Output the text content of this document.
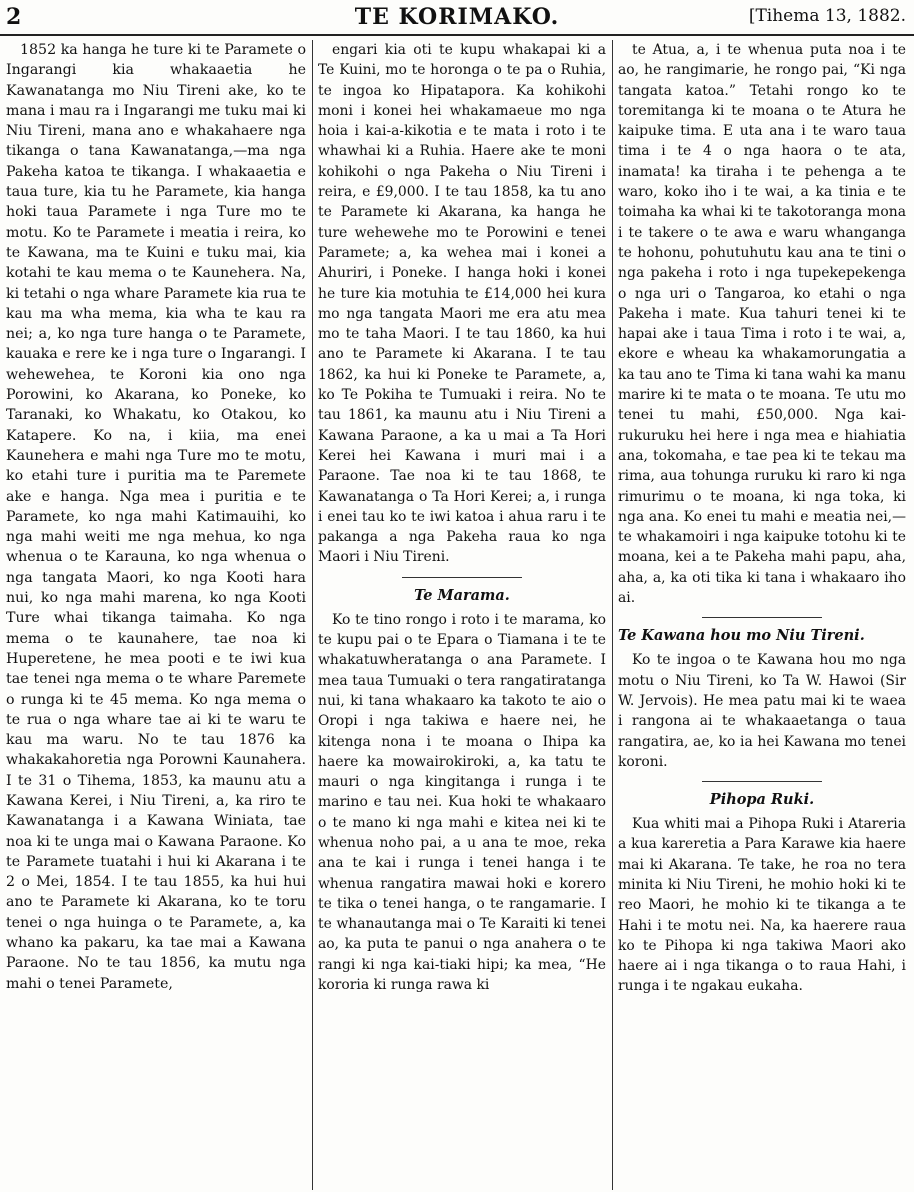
2	TE KORIMAKO.	[Tihema 13, 1882.

1852 ka hanga he ture ki te Paramete o Ingarangi kia whakaaetia he Kawanatanga mo Niu Tireni ake, ko te mana i mau ra i Ingarangi me tuku mai ki Niu Tireni, mana ano e whakahaere nga tikanga o tana Kawanatanga,—ma nga Pakeha katoa te tikanga. I whakaaetia e taua ture, kia tu he Paramete, kia hanga hoki taua Paramete i nga Ture mo te motu. Ko te Paramete i meatia i reira, ko te Kawana, ma te Kuini e tuku mai, kia kotahi te kau mema o te Kaunehera. Na, ki tetahi o nga whare Paramete kia rua te kau ma wha mema, kia wha te kau ra nei; a, ko nga ture hanga o te Paramete, kauaka e rere ke i nga ture o Ingarangi. I wehewehea, te Koroni kia ono nga Porowini, ko Akarana, ko Poneke, ko Taranaki, ko Whakatu, ko Otakou, ko Katapere. Ko na, i kiia, ma enei Kaunehera e mahi nga Ture mo te motu, ko etahi ture i puritia ma te Paremete ake e hanga. Nga mea i puritia e te Paramete, ko nga mahi Katimauihi, ko nga mahi weiti me nga mehua, ko nga whenua o te Karauna, ko nga whenua o nga tangata Maori, ko nga Kooti hara nui, ko nga mahi marena, ko nga Kooti Ture whai tikanga taimaha. Ko nga mema o te kaunahere, tae noa ki Huperetene, he mea pooti e te iwi kua tae tenei nga mema o te whare Paremete o runga ki te 45 mema. Ko nga mema o te rua o nga whare tae ai ki te waru te kau ma waru. No te tau 1876 ka whakakahoretia nga Porowni Kaunahera. I te 31 o Tihema, 1853, ka maunu atu a Kawana Kerei, i Niu Tireni, a, ka riro te Kawanatanga i a Kawana Winiata, tae noa ki te unga mai o Kawana Paraone. Ko te Paramete tuatahi i hui ki Akarana i te 2 o Mei, 1854. I te tau 1855, ka hui hui ano te Paramete ki Akarana, ko te toru tenei o nga huinga o te Paramete, a, ka whano ka pakaru, ka tae mai a Kawana Paraone. No te tau 1856, ka mutu nga mahi o tenei Paramete,

engari kia oti te kupu whakapai ki a Te Kuini, mo te horonga o te pa o Ruhia, te ingoa ko Hipatapora. Ka kohikohi moni i konei hei whakamaeue mo nga hoia i kai-a-kikotia e te mata i roto i te whawhai ki a Ruhia. Haere ake te moni kohikohi o nga Pakeha o Niu Tireni i reira, e £9,000. I te tau 1858, ka tu ano te Paramete ki Akarana, ka hanga he ture wehewehe mo te Porowini e tenei Paramete; a, ka wehea mai i konei a Ahuriri, i Poneke. I hanga hoki i konei he ture kia motuhia te £14,000 hei kura mo nga tangata Maori me era atu mea mo te taha Maori. I te tau 1860, ka hui ano te Paramete ki Akarana. I te tau 1862, ka hui ki Poneke te Paramete, a, ko Te Pokiha te Tumuaki i reira. No te tau 1861, ka maunu atu i Niu Tireni a Kawana Paraone, a ka u mai a Ta Hori Kerei hei Kawana i muri mai i a Paraone. Tae noa ki te tau 1868, te Kawanatanga o Ta Hori Kerei; a, i runga i enei tau ko te iwi katoa i ahua raru i te pakanga a nga Pakeha raua ko nga Maori i Niu Tireni.

Te Marama.

Ko te tino rongo i roto i te marama, ko te kupu pai o te Epara o Tiamana i te te whakatuwheratanga o ana Paramete. I mea taua Tumuaki o tera rangatiratanga nui, ki tana whakaaro ka takoto te aio o Oropi i nga takiwa e haere nei, he kitenga nona i te moana o Ihipa ka haere ka mowairokiroki, a, ka tatu te mauri o nga kingitanga i runga i te marino e tau nei. Kua hoki te whakaaro o te mano ki nga mahi e kitea nei ki te whenua noho pai, a u ana te moe, reka ana te kai i runga i tenei hanga i te whenua rangatira mawai hoki e korero te tika o tenei hanga, o te rangamarie. I te whanautanga mai o Te Karaiti ki tenei ao, ka puta te panui o nga anahera o te rangi ki nga kai-tiaki hipi; ka mea, “He kororia ki runga rawa ki

te Atua, a, i te whenua puta noa i te ao, he rangimarie, he rongo pai, “Ki nga tangata katoa.” Tetahi rongo ko te toremitanga ki te moana o te Atura he kaipuke tima. E uta ana i te waro taua tima i te 4 o nga haora o te ata, inamata! ka tiraha i te pehenga a te waro, koko iho i te wai, a ka tinia e te toimaha ka whai ki te takotoranga mona i te takere o te awa e waru whanganga te hohonu, pohutuhutu kau ana te tini o nga pakeha i roto i nga tupekepekenga o nga uri o Tangaroa, ko etahi o nga Pakeha i mate. Kua tahuri tenei ki te hapai ake i taua Tima i roto i te wai, a, ekore e wheau ka whakamorungatia a ka tau ano te Tima ki tana wahi ka manu marire ki te mata o te moana. Te utu mo tenei tu mahi, £50,000. Nga kai-rukuruku hei here i nga mea e hiahiatia ana, tokomaha, e tae pea ki te tekau ma rima, aua tohunga ruruku ki raro ki nga rimurimu o te moana, ki nga toka, ki nga ana. Ko enei tu mahi e meatia nei,—te whakamoiri i nga kaipuke totohu ki te moana, kei a te Pakeha mahi papu, aha, aha, a, ka oti tika ki tana i whakaaro iho ai.

Te Kawana hou mo Niu Tireni.

Ko te ingoa o te Kawana hou mo nga motu o Niu Tireni, ko Ta W. Hawoi (Sir W. Jervois). He mea patu mai ki te waea i rangona ai te whakaaetanga o taua rangatira, ae, ko ia hei Kawana mo tenei koroni.

Pihopa Ruki.

Kua whiti mai a Pihopa Ruki i Atareria a kua kareretia a Para Karawe kia haere mai ki Akarana. Te take, he roa no tera minita ki Niu Tireni, he mohio hoki ki te reo Maori, he mohio ki te tikanga a te Hahi i te motu nei. Na, ka haerere raua ko te Pihopa ki nga takiwa Maori ako haere ai i nga tikanga o to raua Hahi, i runga i te ngakau eukaha.
